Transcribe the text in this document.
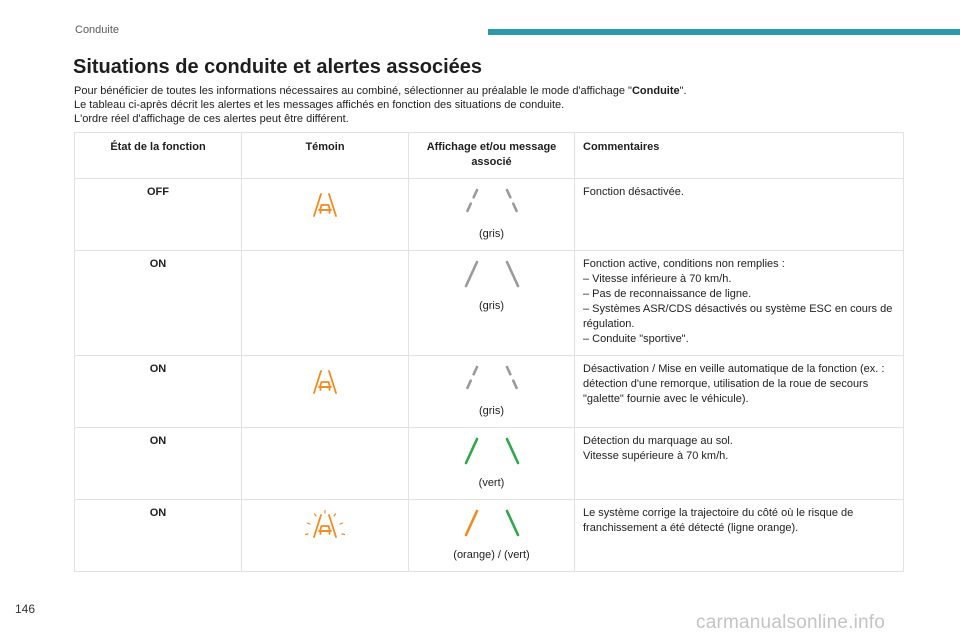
Conduite
Situations de conduite et alertes associées

Pour bénéficier de toutes les informations nécessaires au combiné, sélectionner au préalable le mode d'affichage "Conduite".

Le tableau ci-après décrit les alertes et les messages affichés en fonction des situations de conduite.

L'ordre réel d'affichage de ces alertes peut être différent.

État de la fonction	Témoin	Affichage et/ou message associé	Commentaires
OFF		(gris)	Fonction désactivée.

ON		(gris)	Fonction active, conditions non remplies :

– Vitesse inférieure à 70 km/h.

– Pas de reconnaissance de ligne.

– Systèmes ASR/CDS désactivés ou système ESC en cours de régulation.

– Conduite "sportive".

ON		(gris)	Désactivation / Mise en veille automatique de la fonction (ex. : détection d'une remorque, utilisation de la roue de secours "galette" fournie avec le véhicule).

ON		(vert)	Détection du marquage au sol.

Vitesse supérieure à 70 km/h.

ON		(orange) / (vert)	Le système corrige la trajectoire du côté où le risque de franchissement a été détecté (ligne orange).

146
carmanualsonline.info
